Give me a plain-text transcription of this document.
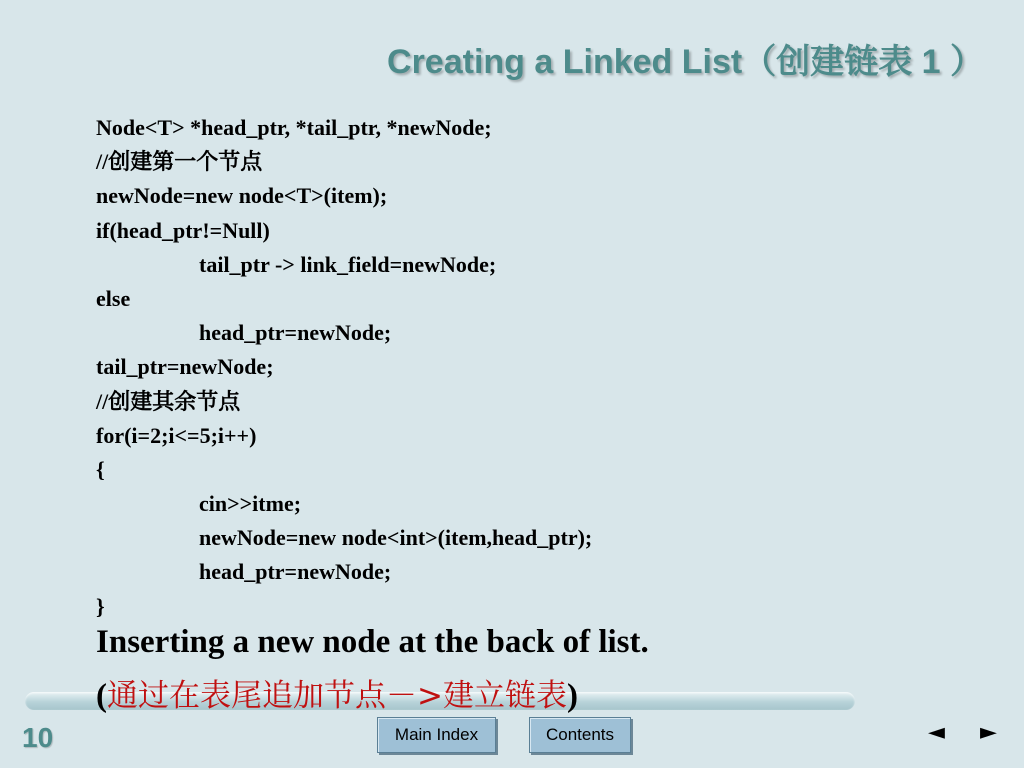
Creating a Linked List（创建链表 1 ）
Node<T> *head_ptr, *tail_ptr, *newNode;
//创建第一个节点
newNode=new node<T>(item);
if(head_ptr!=Null)
tail_ptr -> link_field=newNode;
else
head_ptr=newNode;
tail_ptr=newNode;
//创建其余节点
for(i=2;i<=5;i++)
{
cin>>itme;
newNode=new node<int>(item,head_ptr);
head_ptr=newNode;
}
Inserting a new node at the back of list.
(通过在表尾追加节点－>建立链表)
10	Main Index	Contents	◄ ►
